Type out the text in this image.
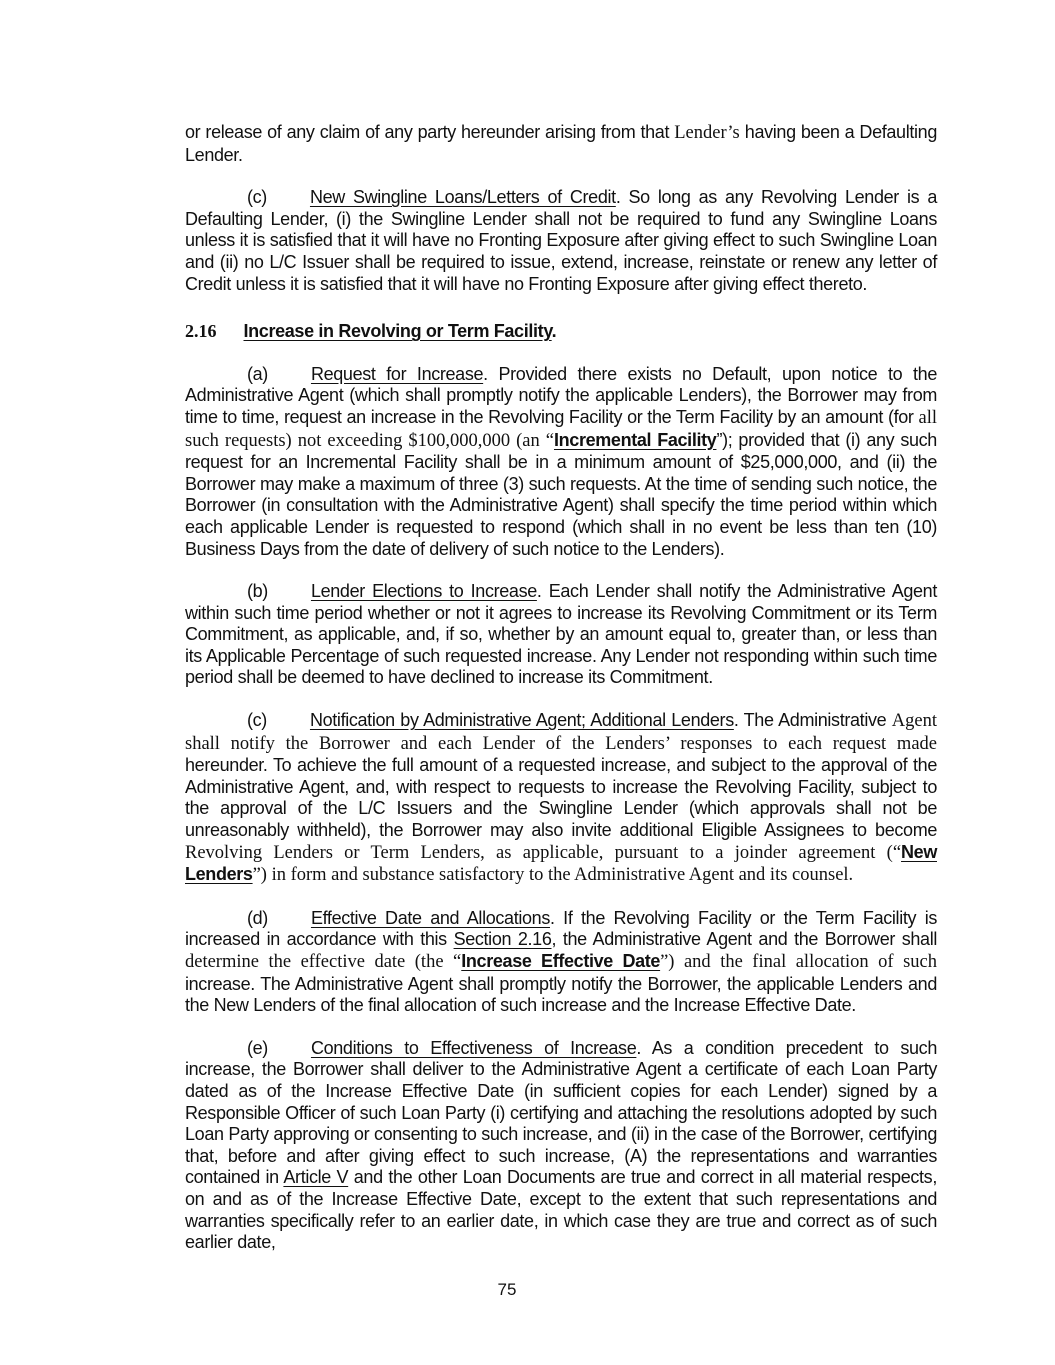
or release of any claim of any party hereunder arising from that Lender’s having been a Defaulting Lender.

(c) New Swingline Loans/Letters of Credit. So long as any Revolving Lender is a Defaulting Lender, (i) the Swingline Lender shall not be required to fund any Swingline Loans unless it is satisfied that it will have no Fronting Exposure after giving effect to such Swingline Loan and (ii) no L/C Issuer shall be required to issue, extend, increase, reinstate or renew any letter of Credit unless it is satisfied that it will have no Fronting Exposure after giving effect thereto.

2.16 Increase in Revolving or Term Facility.

(a) Request for Increase. Provided there exists no Default, upon notice to the Administrative Agent (which shall promptly notify the applicable Lenders), the Borrower may from time to time, request an increase in the Revolving Facility or the Term Facility by an amount (for all such requests) not exceeding $100,000,000 (an “Incremental Facility”); provided that (i) any such request for an Incremental Facility shall be in a minimum amount of $25,000,000, and (ii) the Borrower may make a maximum of three (3) such requests. At the time of sending such notice, the Borrower (in consultation with the Administrative Agent) shall specify the time period within which each applicable Lender is requested to respond (which shall in no event be less than ten (10) Business Days from the date of delivery of such notice to the Lenders).

(b) Lender Elections to Increase. Each Lender shall notify the Administrative Agent within such time period whether or not it agrees to increase its Revolving Commitment or its Term Commitment, as applicable, and, if so, whether by an amount equal to, greater than, or less than its Applicable Percentage of such requested increase. Any Lender not responding within such time period shall be deemed to have declined to increase its Commitment.

(c) Notification by Administrative Agent; Additional Lenders. The Administrative Agent shall notify the Borrower and each Lender of the Lenders’ responses to each request made hereunder. To achieve the full amount of a requested increase, and subject to the approval of the Administrative Agent, and, with respect to requests to increase the Revolving Facility, subject to the approval of the L/C Issuers and the Swingline Lender (which approvals shall not be unreasonably withheld), the Borrower may also invite additional Eligible Assignees to become Revolving Lenders or Term Lenders, as applicable, pursuant to a joinder agreement (“New Lenders”) in form and substance satisfactory to the Administrative Agent and its counsel.

(d) Effective Date and Allocations. If the Revolving Facility or the Term Facility is increased in accordance with this Section 2.16, the Administrative Agent and the Borrower shall determine the effective date (the “Increase Effective Date”) and the final allocation of such increase. The Administrative Agent shall promptly notify the Borrower, the applicable Lenders and the New Lenders of the final allocation of such increase and the Increase Effective Date.

(e) Conditions to Effectiveness of Increase. As a condition precedent to such increase, the Borrower shall deliver to the Administrative Agent a certificate of each Loan Party dated as of the Increase Effective Date (in sufficient copies for each Lender) signed by a Responsible Officer of such Loan Party (i) certifying and attaching the resolutions adopted by such Loan Party approving or consenting to such increase, and (ii) in the case of the Borrower, certifying that, before and after giving effect to such increase, (A) the representations and warranties contained in Article V and the other Loan Documents are true and correct in all material respects, on and as of the Increase Effective Date, except to the extent that such representations and warranties specifically refer to an earlier date, in which case they are true and correct as of such earlier date,

75
